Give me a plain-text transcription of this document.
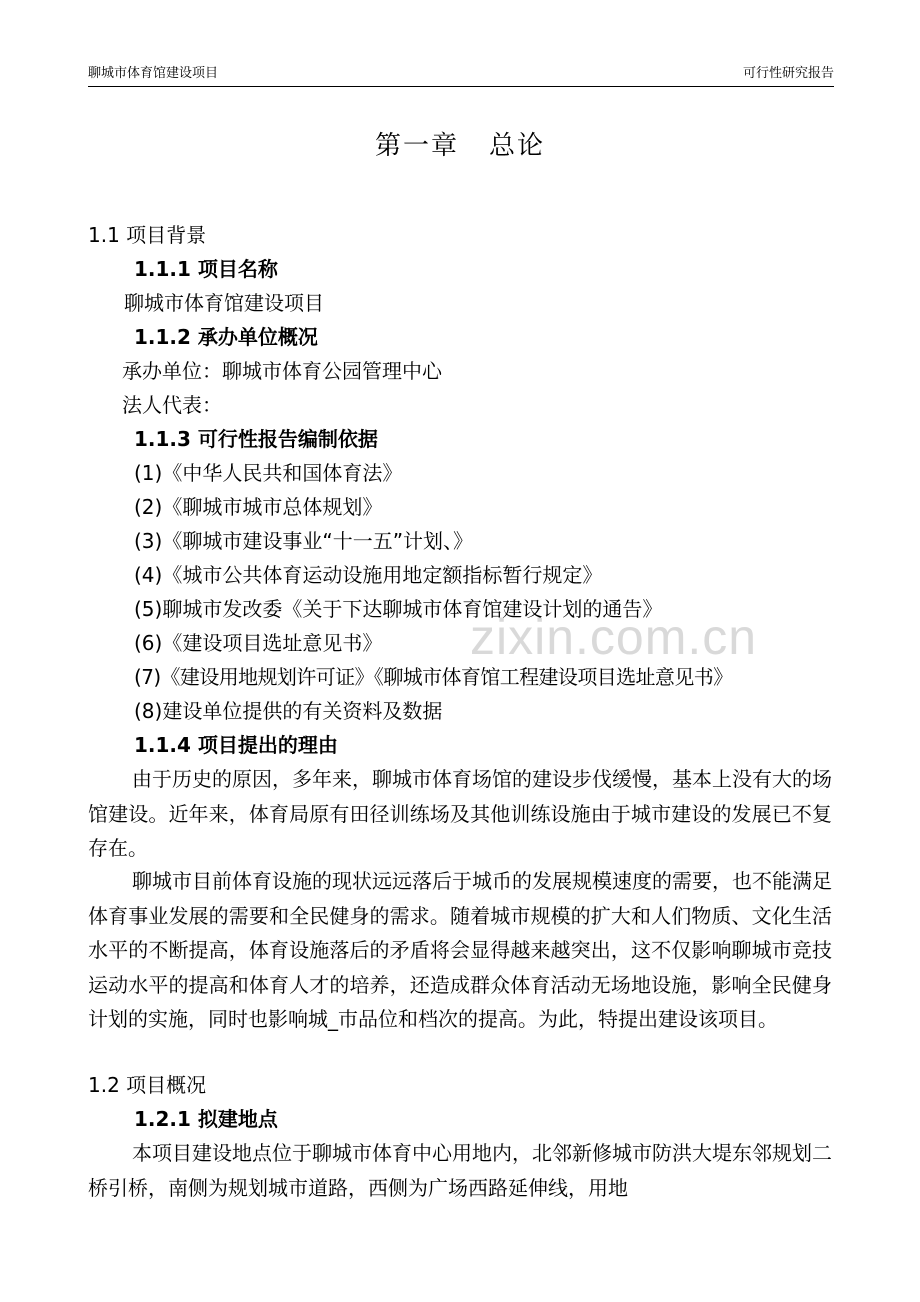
聊城市体育馆建设项目	可行性研究报告
第一章 总论
zixin.com.cn
1.1 项目背景
1.1.1 项目名称
聊城市体育馆建设项目
1.1.2 承办单位概况
承办单位：聊城市体育公园管理中心
法人代表：
1.1.3 可行性报告编制依据
(1)《中华人民共和国体育法》
(2)《聊城市城市总体规划》
(3)《聊城市建设事业“十一五”计划、》
(4)《城市公共体育运动设施用地定额指标暂行规定》
(5)聊城市发改委《关于下达聊城市体育馆建设计划的通告》
(6)《建设项目选址意见书》
(7)《建设用地规划许可证》《聊城市体育馆工程建设项目选址意见书》
(8)建设单位提供的有关资料及数据
1.1.4 项目提出的理由
由于历史的原因，多年来，聊城市体育场馆的建设步伐缓慢，基本上没有大的场馆建设。近年来，体育局原有田径训练场及其他训练设施由于城市建设的发展已不复存在。
聊城市目前体育设施的现状远远落后于城币的发展规模速度的需要，也不能满足体育事业发展的需要和全民健身的需求。随着城市规模的扩大和人们物质、文化生活水平的不断提高，体育设施落后的矛盾将会显得越来越突出，这不仅影响聊城市竞技运动水平的提高和体育人才的培养，还造成群众体育活动无场地设施，影响全民健身计划的实施，同时也影响城_巿品位和档次的提高。为此，特提出建设该项目。
1.2 项目概况
1.2.1 拟建地点
本项目建设地点位于聊城市体育中心用地内，北邻新修城市防洪大堤东邻规划二桥引桥，南侧为规划城市道路，西侧为广场西路延伸线，用地
